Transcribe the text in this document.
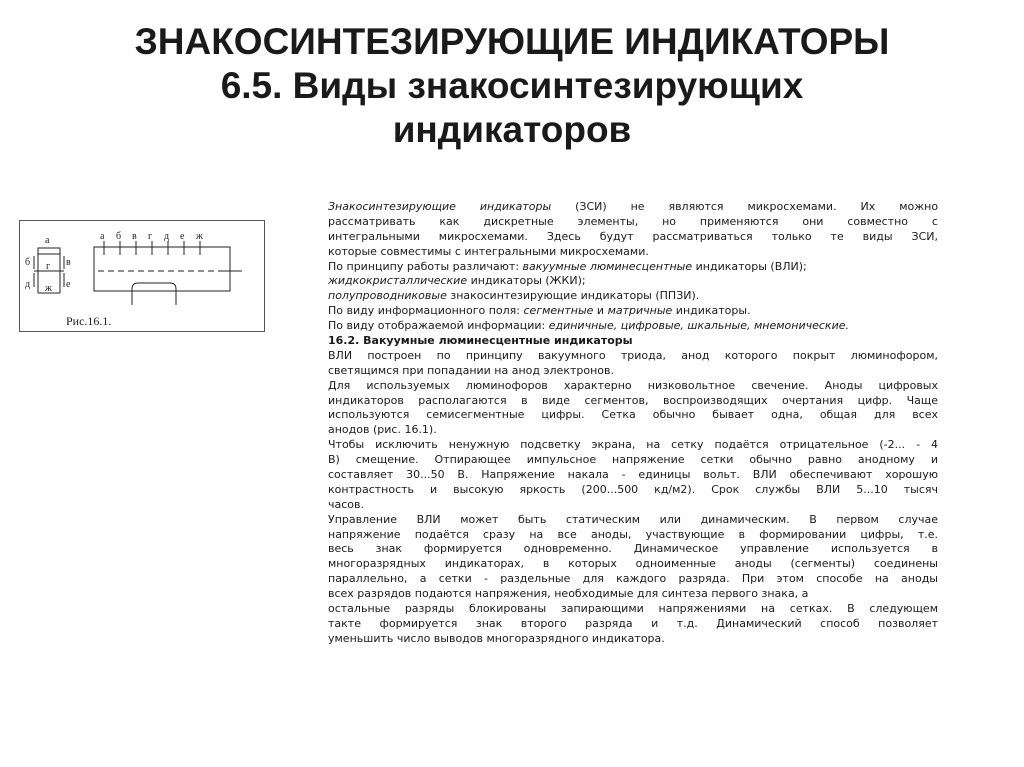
ЗНАКОСИНТЕЗИРУЮЩИЕ ИНДИКАТОРЫ
6.5. Виды знакосинтезирующих
индикаторов
а
б	в
г
д	е
ж
а б в г д е ж
Рис.16.1.
Знакосинтезирующие индикаторы (ЗСИ) не являются микросхемами. Их можно
рассматривать как дискретные элементы, но применяются они совместно с
интегральными микросхемами. Здесь будут рассматриваться только те виды ЗСИ,
которые совместимы с интегральными микросхемами.
По принципу работы различают: вакуумные люминесцентные индикаторы (ВЛИ);
жидкокристаллические индикаторы (ЖКИ);
полупроводниковые знакосинтезирующие индикаторы (ППЗИ).
По виду информационного поля: сегментные и матричные индикаторы.
По виду отображаемой информации: единичные, цифровые, шкальные, мнемонические.
16.2. Вакуумные люминесцентные индикаторы
ВЛИ построен по принципу вакуумного триода, анод которого покрыт люминофором,
светящимся при попадании на анод электронов.
Для используемых люминофоров характерно низковольтное свечение. Аноды цифровых
индикаторов располагаются в виде сегментов, воспроизводящих очертания цифр. Чаще
используются семисегментные цифры. Сетка обычно бывает одна, общая для всех
анодов (рис. 16.1).
Чтобы исключить ненужную подсветку экрана, на сетку подаётся отрицательное (-2... - 4
В) смещение. Отпирающее импульсное напряжение сетки обычно равно анодному и
составляет 30...50 В. Напряжение накала - единицы вольт. ВЛИ обеспечивают хорошую
контрастность и высокую яркость (200...500 кд/м2). Срок службы ВЛИ 5...10 тысяч
часов.
Управление ВЛИ может быть статическим или динамическим. В первом случае
напряжение подаётся сразу на все аноды, участвующие в формировании цифры, т.е.
весь знак формируется одновременно. Динамическое управление используется в
многоразрядных индикаторах, в которых одноименные аноды (сегменты) соединены
параллельно, а сетки - раздельные для каждого разряда. При этом способе на аноды
всех разрядов подаются напряжения, необходимые для синтеза первого знака, а
остальные разряды блокированы запирающими напряжениями на сетках. В следующем
такте формируется знак второго разряда и т.д. Динамический способ позволяет
уменьшить число выводов многоразрядного индикатора.
